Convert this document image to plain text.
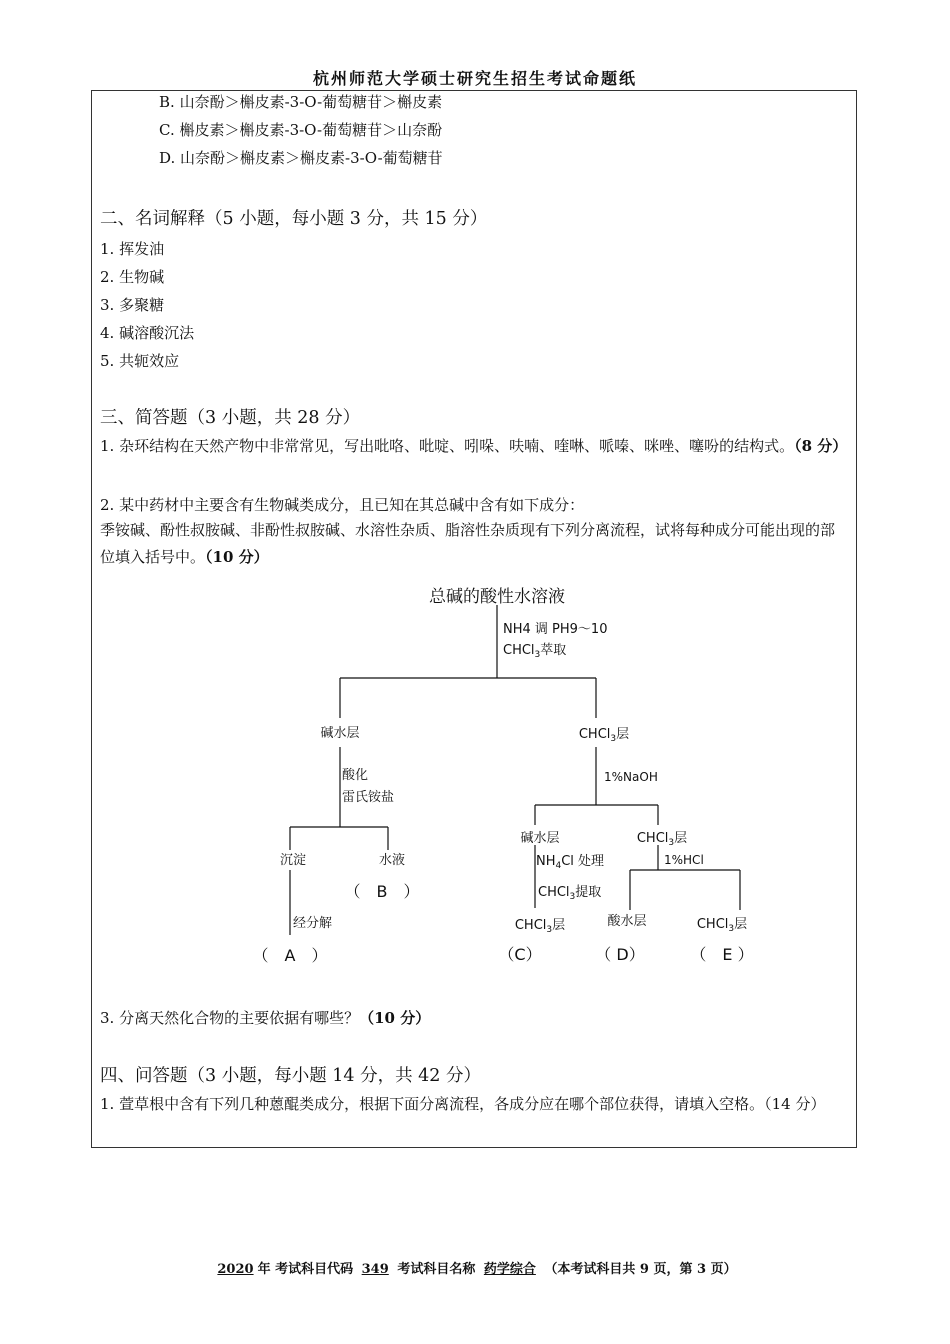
杭州师范大学硕士研究生招生考试命题纸
B. 山奈酚＞槲皮素-3-O-葡萄糖苷＞槲皮素
C. 槲皮素＞槲皮素-3-O-葡萄糖苷＞山奈酚
D. 山奈酚＞槲皮素＞槲皮素-3-O-葡萄糖苷
二、名词解释（5 小题，每小题 3 分，共 15 分）
1. 挥发油
2. 生物碱
3. 多聚糖
4. 碱溶酸沉法
5. 共轭效应
三、简答题（3 小题，共 28 分）
1. 杂环结构在天然产物中非常常见，写出吡咯、吡啶、吲哚、呋喃、喹啉、哌嗪、咪唑、噻吩的结构式。（8 分）
2. 某中药材中主要含有生物碱类成分，且已知在其总碱中含有如下成分：
季铵碱、酚性叔胺碱、非酚性叔胺碱、水溶性杂质、脂溶性杂质现有下列分离流程，试将每种成分可能出现的部位填入括号中。（10 分）
总碱的酸性水溶液
NH4 调 PH9～10
CHCl$_3$萃取
碱水层	CHCl$_3$层
酸化
雷氏铵盐
1%NaOH
沉淀	水液
（　B　）
经分解
（　A　）
碱水层
$NH_4Cl$ 处理
CHCl$_3$提取
CHCl$_3$层
（C）
CHCl$_3$层
1%HCl
酸水层	CHCl$_3$层
（ D）	（　E ）
3. 分离天然化合物的主要依据有哪些？（10 分）
四、问答题（3 小题，每小题 14 分，共 42 分）
1. 萱草根中含有下列几种蒽醌类成分，根据下面分离流程，各成分应在哪个部位获得，请填入空格。（14 分）
2020 年 考试科目代码 349 考试科目名称 药学综合 （本考试科目共 9 页，第 3 页）
